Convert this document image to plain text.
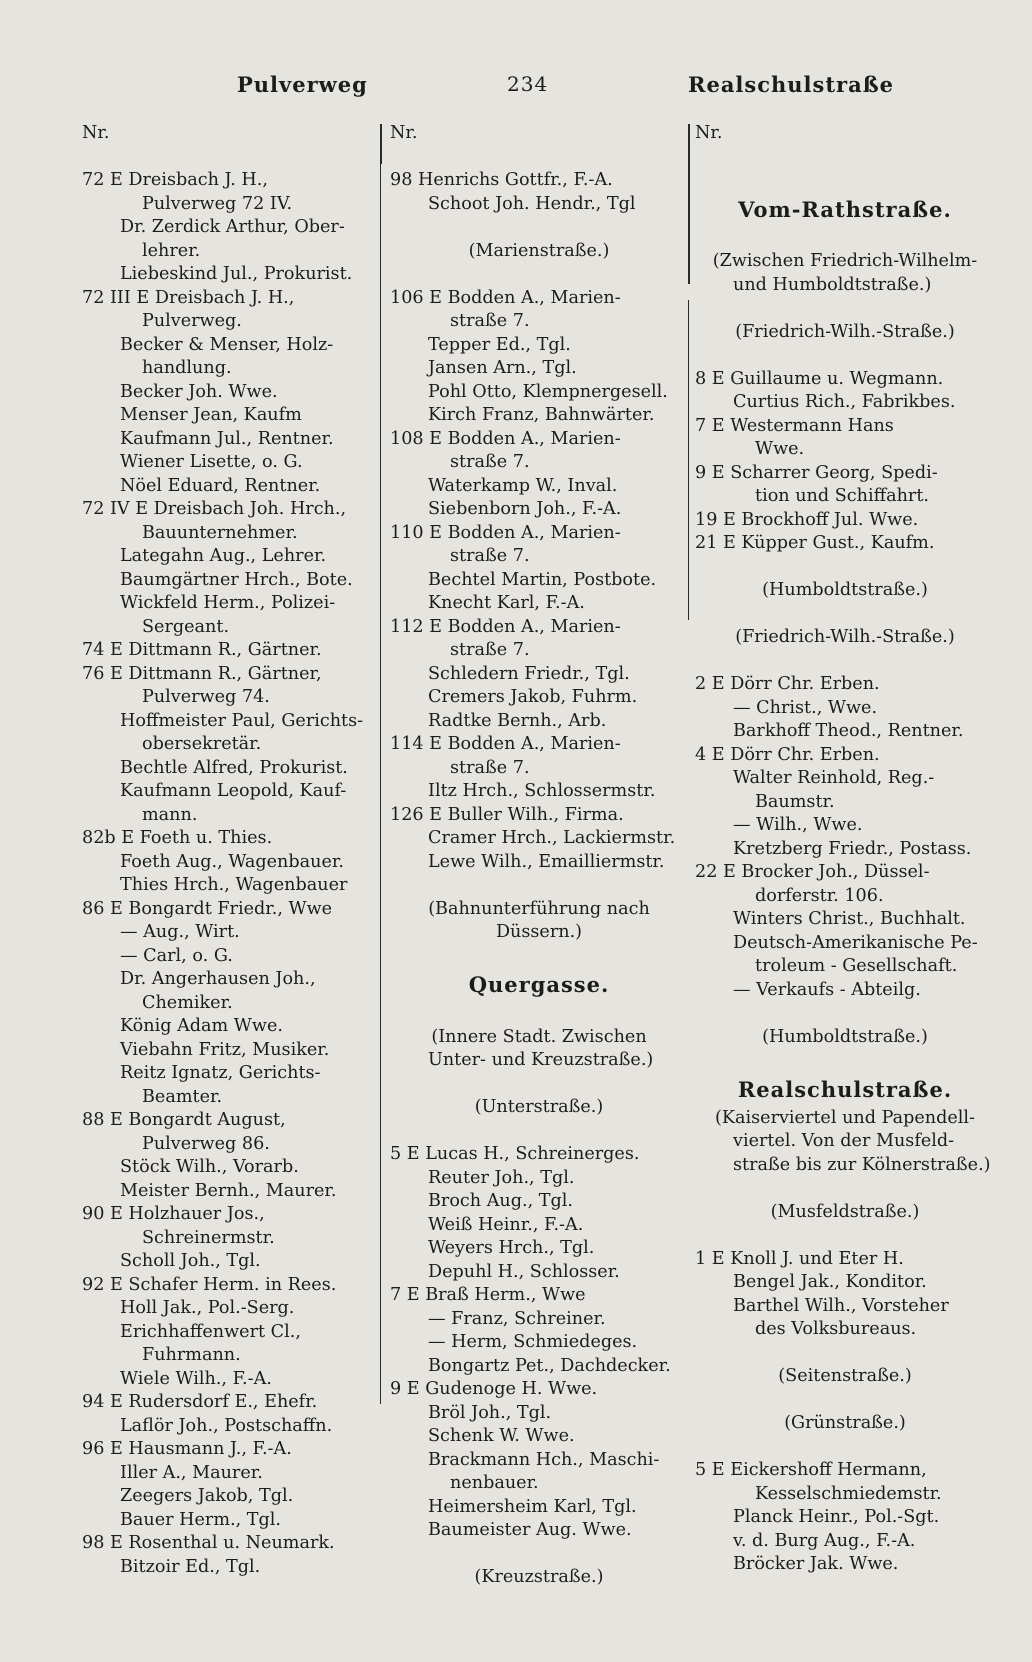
Pulverweg	234	Realschulstraße
Nr.
72 E Dreisbach J. H.,
Pulverweg 72 IV.
Dr. Zerdick Arthur, Ober-
lehrer.
Liebeskind Jul., Prokurist.
72 III E Dreisbach J. H.,
Pulverweg.
Becker & Menser, Holz-
handlung.
Becker Joh. Wwe.
Menser Jean, Kaufm
Kaufmann Jul., Rentner.
Wiener Lisette, o. G.
Nöel Eduard, Rentner.
72 IV E Dreisbach Joh. Hrch.,
Bauunternehmer.
Lategahn Aug., Lehrer.
Baumgärtner Hrch., Bote.
Wickfeld Herm., Polizei-
Sergeant.
74 E Dittmann R., Gärtner.
76 E Dittmann R., Gärtner,
Pulverweg 74.
Hoffmeister Paul, Gerichts-
obersekretär.
Bechtle Alfred, Prokurist.
Kaufmann Leopold, Kauf-
mann.
82b E Foeth u. Thies.
Foeth Aug., Wagenbauer.
Thies Hrch., Wagenbauer
86 E Bongardt Friedr., Wwe
— Aug., Wirt.
— Carl, o. G.
Dr. Angerhausen Joh.,
Chemiker.
König Adam Wwe.
Viebahn Fritz, Musiker.
Reitz Ignatz, Gerichts-
Beamter.
88 E Bongardt August,
Pulverweg 86.
Stöck Wilh., Vorarb.
Meister Bernh., Maurer.
90 E Holzhauer Jos.,
Schreinermstr.
Scholl Joh., Tgl.
92 E Schafer Herm. in Rees.
Holl Jak., Pol.-Serg.
Erichhaffenwert Cl.,
Fuhrmann.
Wiele Wilh., F.-A.
94 E Rudersdorf E., Ehefr.
Laflör Joh., Postschaffn.
96 E Hausmann J., F.-A.
Iller A., Maurer.
Zeegers Jakob, Tgl.
Bauer Herm., Tgl.
98 E Rosenthal u. Neumark.
Bitzoir Ed., Tgl.
Nr.
98 Henrichs Gottfr., F.-A.
Schoot Joh. Hendr., Tgl
(Marienstraße.)
106 E Bodden A., Marien-
straße 7.
Tepper Ed., Tgl.
Jansen Arn., Tgl.
Pohl Otto, Klempnergesell.
Kirch Franz, Bahnwärter.
108 E Bodden A., Marien-
straße 7.
Waterkamp W., Inval.
Siebenborn Joh., F.-A.
110 E Bodden A., Marien-
straße 7.
Bechtel Martin, Postbote.
Knecht Karl, F.-A.
112 E Bodden A., Marien-
straße 7.
Schledern Friedr., Tgl.
Cremers Jakob, Fuhrm.
Radtke Bernh., Arb.
114 E Bodden A., Marien-
straße 7.
Iltz Hrch., Schlossermstr.
126 E Buller Wilh., Firma.
Cramer Hrch., Lackiermstr.
Lewe Wilh., Emailliermstr.
(Bahnunterführung nach
Düssern.)
Quergasse.
(Innere Stadt. Zwischen
Unter- und Kreuzstraße.)
(Unterstraße.)
5 E Lucas H., Schreinerges.
Reuter Joh., Tgl.
Broch Aug., Tgl.
Weiß Heinr., F.-A.
Weyers Hrch., Tgl.
Depuhl H., Schlosser.
7 E Braß Herm., Wwe
— Franz, Schreiner.
— Herm, Schmiedeges.
Bongartz Pet., Dachdecker.
9 E Gudenoge H. Wwe.
Bröl Joh., Tgl.
Schenk W. Wwe.
Brackmann Hch., Maschi-
nenbauer.
Heimersheim Karl, Tgl.
Baumeister Aug. Wwe.
(Kreuzstraße.)
Nr.
Vom-Rathstraße.
(Zwischen Friedrich-Wilhelm-
und Humboldtstraße.)
(Friedrich-Wilh.-Straße.)
8 E Guillaume u. Wegmann.
Curtius Rich., Fabrikbes.
7 E Westermann Hans
Wwe.
9 E Scharrer Georg, Spedi-
tion und Schiffahrt.
19 E Brockhoff Jul. Wwe.
21 E Küpper Gust., Kaufm.
(Humboldtstraße.)
(Friedrich-Wilh.-Straße.)
2 E Dörr Chr. Erben.
— Christ., Wwe.
Barkhoff Theod., Rentner.
4 E Dörr Chr. Erben.
Walter Reinhold, Reg.-
Baumstr.
— Wilh., Wwe.
Kretzberg Friedr., Postass.
22 E Brocker Joh., Düssel-
dorferstr. 106.
Winters Christ., Buchhalt.
Deutsch-Amerikanische Pe-
troleum - Gesellschaft.
— Verkaufs - Abteilg.
(Humboldtstraße.)
Realschulstraße.
(Kaiserviertel und Papendell-
viertel. Von der Musfeld-
straße bis zur Kölnerstraße.)
(Musfeldstraße.)
1 E Knoll J. und Eter H.
Bengel Jak., Konditor.
Barthel Wilh., Vorsteher
des Volksbureaus.
(Seitenstraße.)
(Grünstraße.)
5 E Eickershoff Hermann,
Kesselschmiedemstr.
Planck Heinr., Pol.-Sgt.
v. d. Burg Aug., F.-A.
Bröcker Jak. Wwe.
